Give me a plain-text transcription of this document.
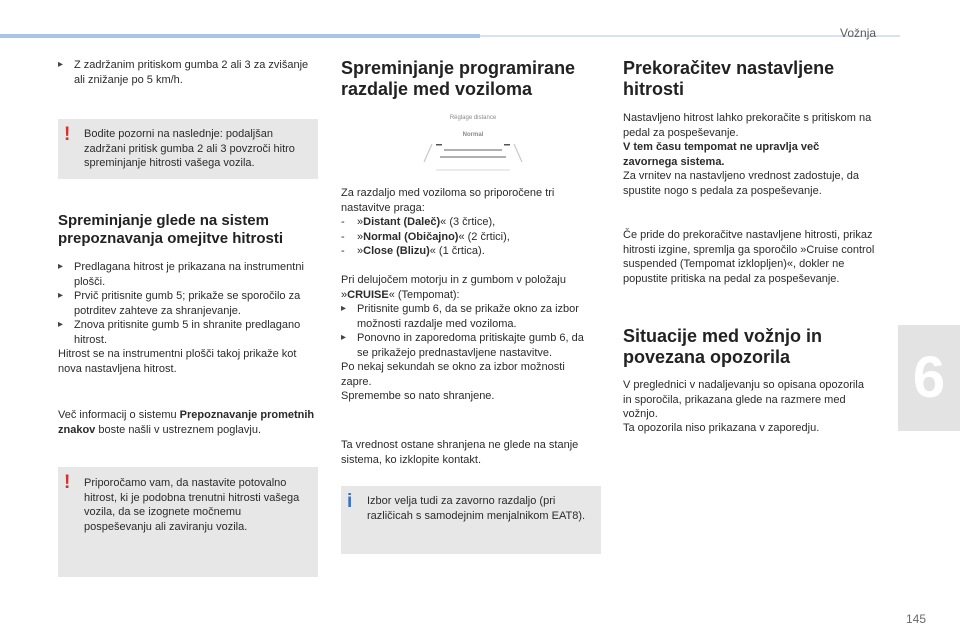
Vožnja
6
145
▸ Z zadržanim pritiskom gumba 2 ali 3 za zvišanje ali znižanje po 5 km/h.
! Bodite pozorni na naslednje: podaljšan zadržani pritisk gumba 2 ali 3 povzroči hitro spreminjanje hitrosti vašega vozila.
Spreminjanje glede na sistem prepoznavanja omejitve hitrosti
▸ Predlagana hitrost je prikazana na instrumentni plošči.
▸ Prvič pritisnite gumb 5; prikaže se sporočilo za potrditev zahteve za shranjevanje.
▸ Znova pritisnite gumb 5 in shranite predlagano hitrost.

Hitrost se na instrumentni plošči takoj prikaže kot nova nastavljena hitrost.

Več informacij o sistemu Prepoznavanje prometnih znakov boste našli v ustreznem poglavju.

! Priporočamo vam, da nastavite potovalno hitrost, ki je podobna trenutni hitrosti vašega vozila, da se izognete močnemu pospeševanju ali zaviranju vozila.
Spreminjanje programirane razdalje med voziloma
Réglage distance
Normal

Za razdaljo med voziloma so priporočene tri nastavitve praga:

- »Distant (Daleč)« (3 črtice),
- »Normal (Običajno)« (2 črtici),
- »Close (Blizu)« (1 črtica).

Pri delujočem motorju in z gumbom v položaju »CRUISE« (Tempomat):

▸ Pritisnite gumb 6, da se prikaže okno za izbor možnosti razdalje med voziloma.
▸ Ponovno in zaporedoma pritiskajte gumb 6, da se prikažejo prednastavljene nastavitve.

Po nekaj sekundah se okno za izbor možnosti zapre.

Spremembe so nato shranjene.

Ta vrednost ostane shranjena ne glede na stanje sistema, ko izklopite kontakt.

i Izbor velja tudi za zavorno razdaljo (pri različicah s samodejnim menjalnikom EAT8).
Prekoračitev nastavljene hitrosti

Nastavljeno hitrost lahko prekoračite s pritiskom na pedal za pospeševanje.

V tem času tempomat ne upravlja več zavornega sistema.

Za vrnitev na nastavljeno vrednost zadostuje, da spustite nogo s pedala za pospeševanje.

Če pride do prekoračitve nastavljene hitrosti, prikaz hitrosti izgine, spremlja ga sporočilo »Cruise control suspended (Tempomat izklopljen)«, dokler ne popustite pritiska na pedal za pospeševanje.

Situacije med vožnjo in povezana opozorila

V preglednici v nadaljevanju so opisana opozorila in sporočila, prikazana glede na razmere med vožnjo.

Ta opozorila niso prikazana v zaporedju.
